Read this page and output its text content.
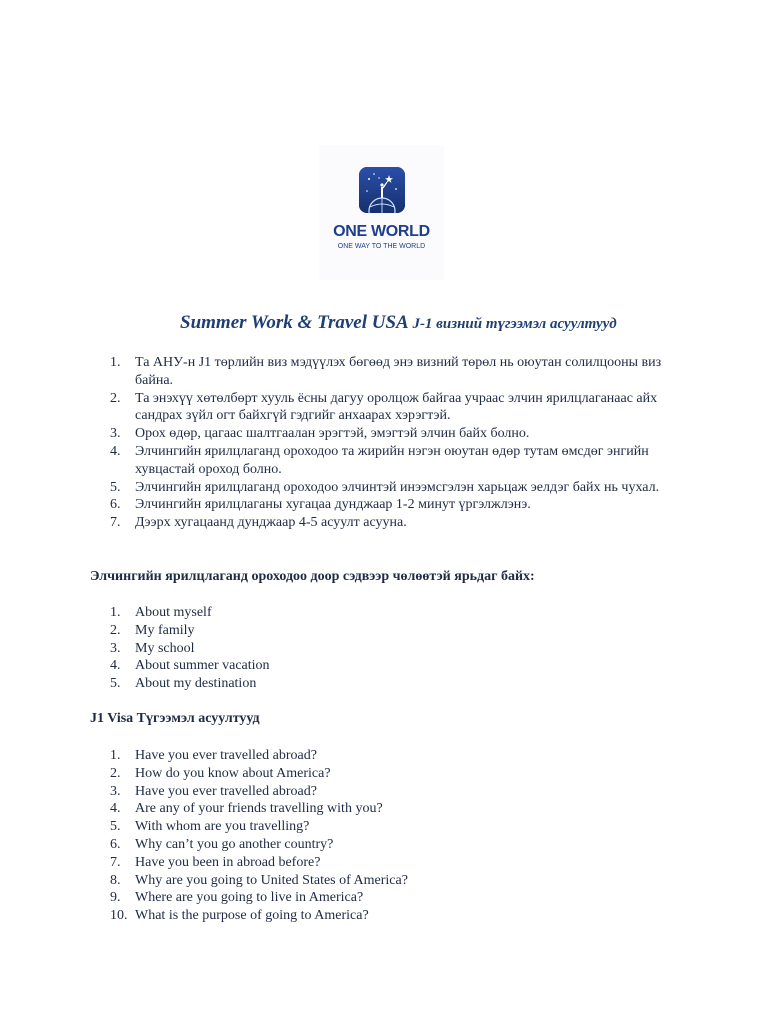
ONE WORLD
ONE WAY TO THE WORLD
Summer Work & Travel USA J-1 визний түгээмэл асуултууд
1.	Та АНУ-н J1 төрлийн виз мэдүүлэх бөгөөд энэ визний төрөл нь оюутан солилцооны виз байна.
2.	Та энэхүү хөтөлбөрт хууль ёсны дагуу оролцож байгаа учраас элчин ярилцлаганаас айх сандрах зүйл огт байхгүй гэдгийг анхаарах хэрэгтэй.
3.	Орох өдөр, цагаас шалтгаалан эрэгтэй, эмэгтэй элчин байх болно.
4.	Элчингийн ярилцлаганд ороходоо та жирийн нэгэн оюутан өдөр тутам өмсдөг энгийн хувцастай ороход болно.
5.	Элчингийн ярилцлаганд ороходоо элчинтэй инээмсгэлэн харьцаж эелдэг байх нь чухал.
6.	Элчингийн ярилцлаганы хугацаа дунджаар 1-2 минут үргэлжлэнэ.
7.	Дээрх хугацаанд дунджаар 4-5 асуулт асууна.
Элчингийн ярилцлаганд ороходоо доор сэдвээр чөлөөтэй ярьдаг байх:
1.	About myself
2.	My family
3.	My school
4.	About summer vacation
5.	About my destination
J1 Visa Түгээмэл асуултууд
1.	Have you ever travelled abroad?
2.	How do you know about America?
3.	Have you ever travelled abroad?
4.	Are any of your friends travelling with you?
5.	With whom are you travelling?
6.	Why can’t you go another country?
7.	Have you been in abroad before?
8.	Why are you going to United States of America?
9.	Where are you going to live in America?
10. What is the purpose of going to America?
